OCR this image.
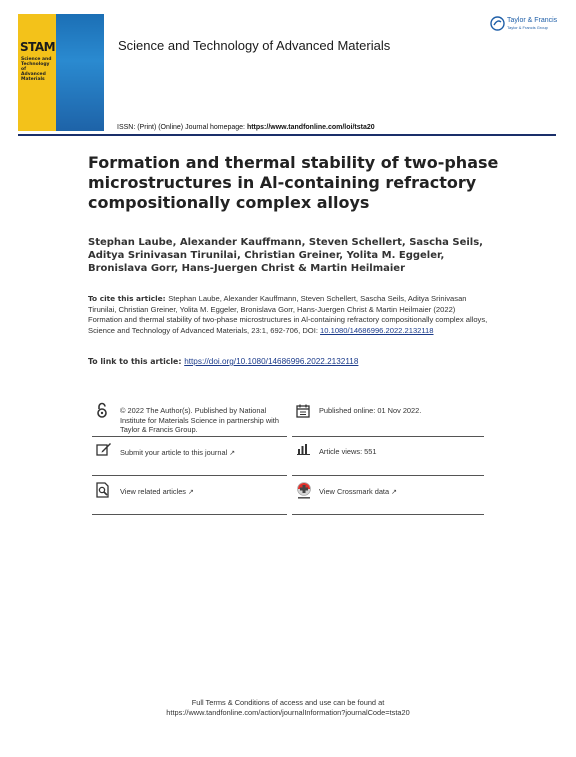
STAM
Science and
Technology of
Advanced
Materials
Science and Technology of Advanced Materials
Taylor & Francis
Taylor & Francis Group
ISSN: (Print) (Online) Journal homepage: https://www.tandfonline.com/loi/tsta20
Formation and thermal stability of two-phase microstructures in Al-containing refractory compositionally complex alloys
Stephan Laube, Alexander Kauffmann, Steven Schellert, Sascha Seils, Aditya Srinivasan Tirunilai, Christian Greiner, Yolita M. Eggeler, Bronislava Gorr, Hans-Juergen Christ & Martin Heilmaier
To cite this article: Stephan Laube, Alexander Kauffmann, Steven Schellert, Sascha Seils, Aditya Srinivasan Tirunilai, Christian Greiner, Yolita M. Eggeler, Bronislava Gorr, Hans-Juergen Christ & Martin Heilmaier (2022) Formation and thermal stability of two-phase microstructures in Al-containing refractory compositionally complex alloys, Science and Technology of Advanced Materials, 23:1, 692-706, DOI: 10.1080/14686996.2022.2132118
To link to this article: https://doi.org/10.1080/14686996.2022.2132118
© 2022 The Author(s). Published by National Institute for Materials Science in partnership with Taylor & Francis Group.
Published online: 01 Nov 2022.
Submit your article to this journal ↗	Article views: 551
View related articles ↗	View Crossmark data ↗
Full Terms & Conditions of access and use can be found at
https://www.tandfonline.com/action/journalInformation?journalCode=tsta20
